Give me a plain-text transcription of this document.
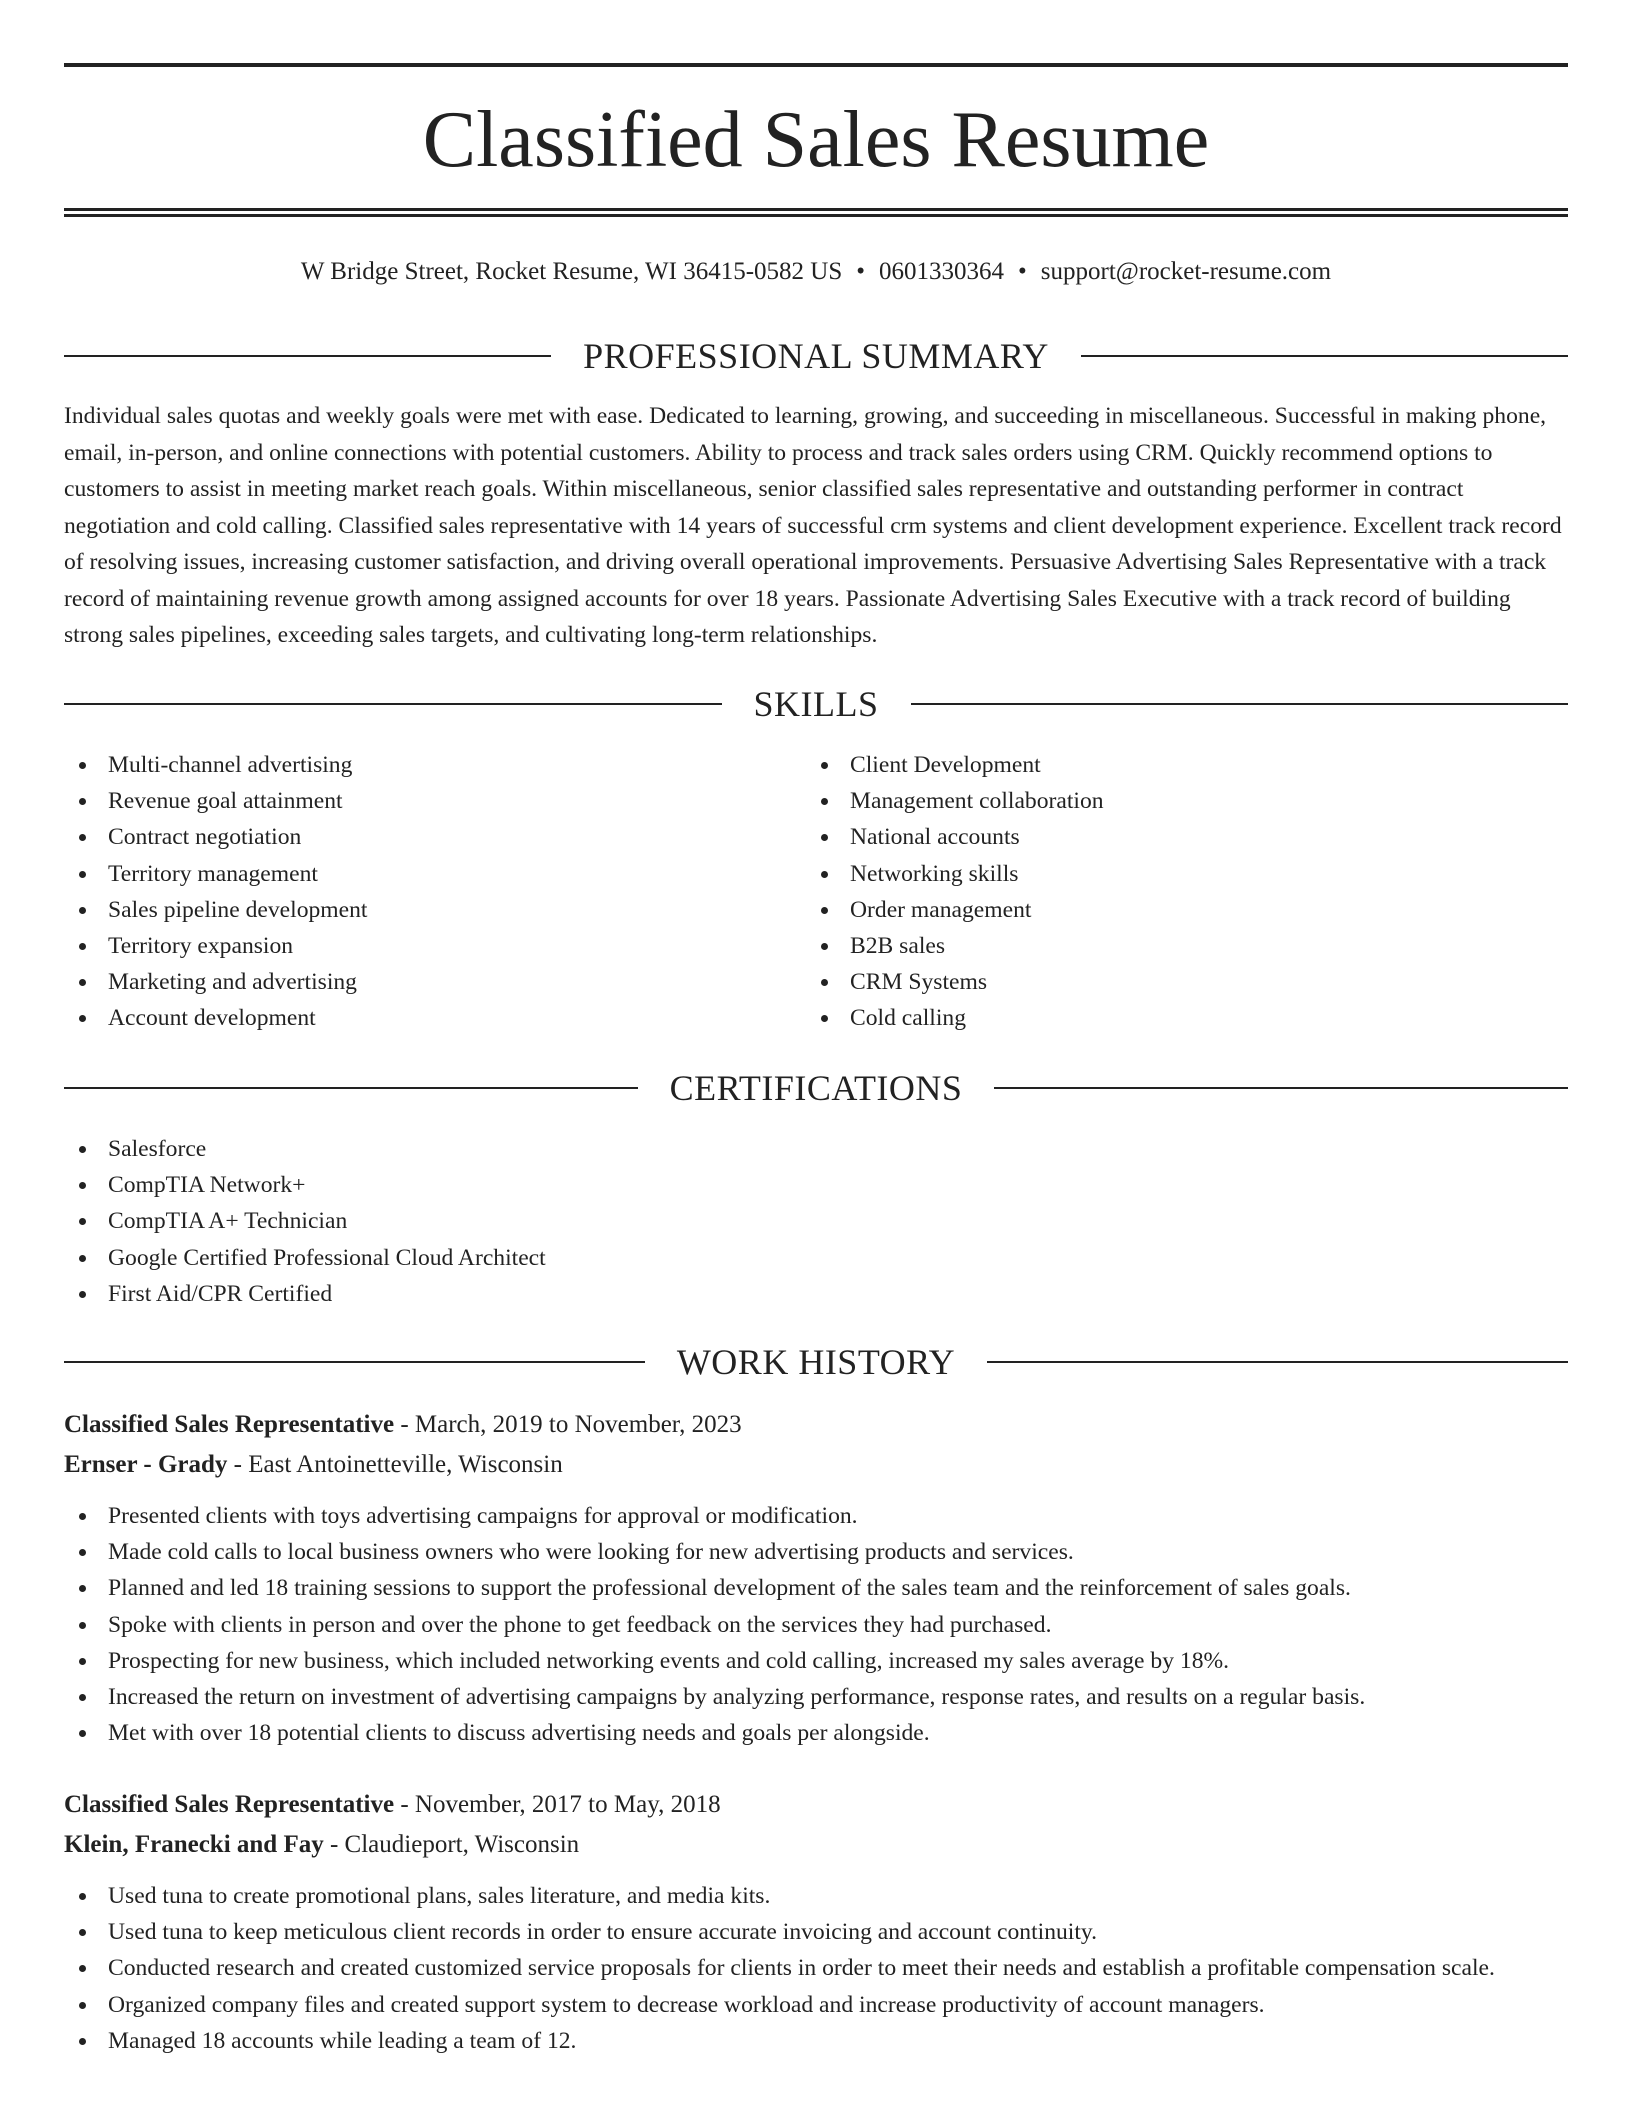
Classified Sales Resume
W Bridge Street, Rocket Resume, WI 36415-0582 US • 0601330364 • support@rocket-resume.com
PROFESSIONAL SUMMARY

Individual sales quotas and weekly goals were met with ease. Dedicated to learning, growing, and succeeding in miscellaneous. Successful in making phone, email, in-person, and online connections with potential customers. Ability to process and track sales orders using CRM. Quickly recommend options to customers to assist in meeting market reach goals. Within miscellaneous, senior classified sales representative and outstanding performer in contract negotiation and cold calling. Classified sales representative with 14 years of successful crm systems and client development experience. Excellent track record of resolving issues, increasing customer satisfaction, and driving overall operational improvements. Persuasive Advertising Sales Representative with a track record of maintaining revenue growth among assigned accounts for over 18 years. Passionate Advertising Sales Executive with a track record of building strong sales pipelines, exceeding sales targets, and cultivating long-term relationships.

SKILLS
Multi-channel advertising
Revenue goal attainment
Contract negotiation
Territory management
Sales pipeline development
Territory expansion
Marketing and advertising
Account development
Client Development
Management collaboration
National accounts
Networking skills
Order management
B2B sales
CRM Systems
Cold calling
CERTIFICATIONS
Salesforce
CompTIA Network+
CompTIA A+ Technician
Google Certified Professional Cloud Architect
First Aid/CPR Certified
WORK HISTORY
Classified Sales Representative - March, 2019 to November, 2023
Ernser - Grady - East Antoinetteville, Wisconsin
Presented clients with toys advertising campaigns for approval or modification.
Made cold calls to local business owners who were looking for new advertising products and services.
Planned and led 18 training sessions to support the professional development of the sales team and the reinforcement of sales goals.
Spoke with clients in person and over the phone to get feedback on the services they had purchased.
Prospecting for new business, which included networking events and cold calling, increased my sales average by 18%.
Increased the return on investment of advertising campaigns by analyzing performance, response rates, and results on a regular basis.
Met with over 18 potential clients to discuss advertising needs and goals per alongside.
Classified Sales Representative - November, 2017 to May, 2018
Klein, Franecki and Fay - Claudieport, Wisconsin
Used tuna to create promotional plans, sales literature, and media kits.
Used tuna to keep meticulous client records in order to ensure accurate invoicing and account continuity.
Conducted research and created customized service proposals for clients in order to meet their needs and establish a profitable compensation scale.
Organized company files and created support system to decrease workload and increase productivity of account managers.
Managed 18 accounts while leading a team of 12.
